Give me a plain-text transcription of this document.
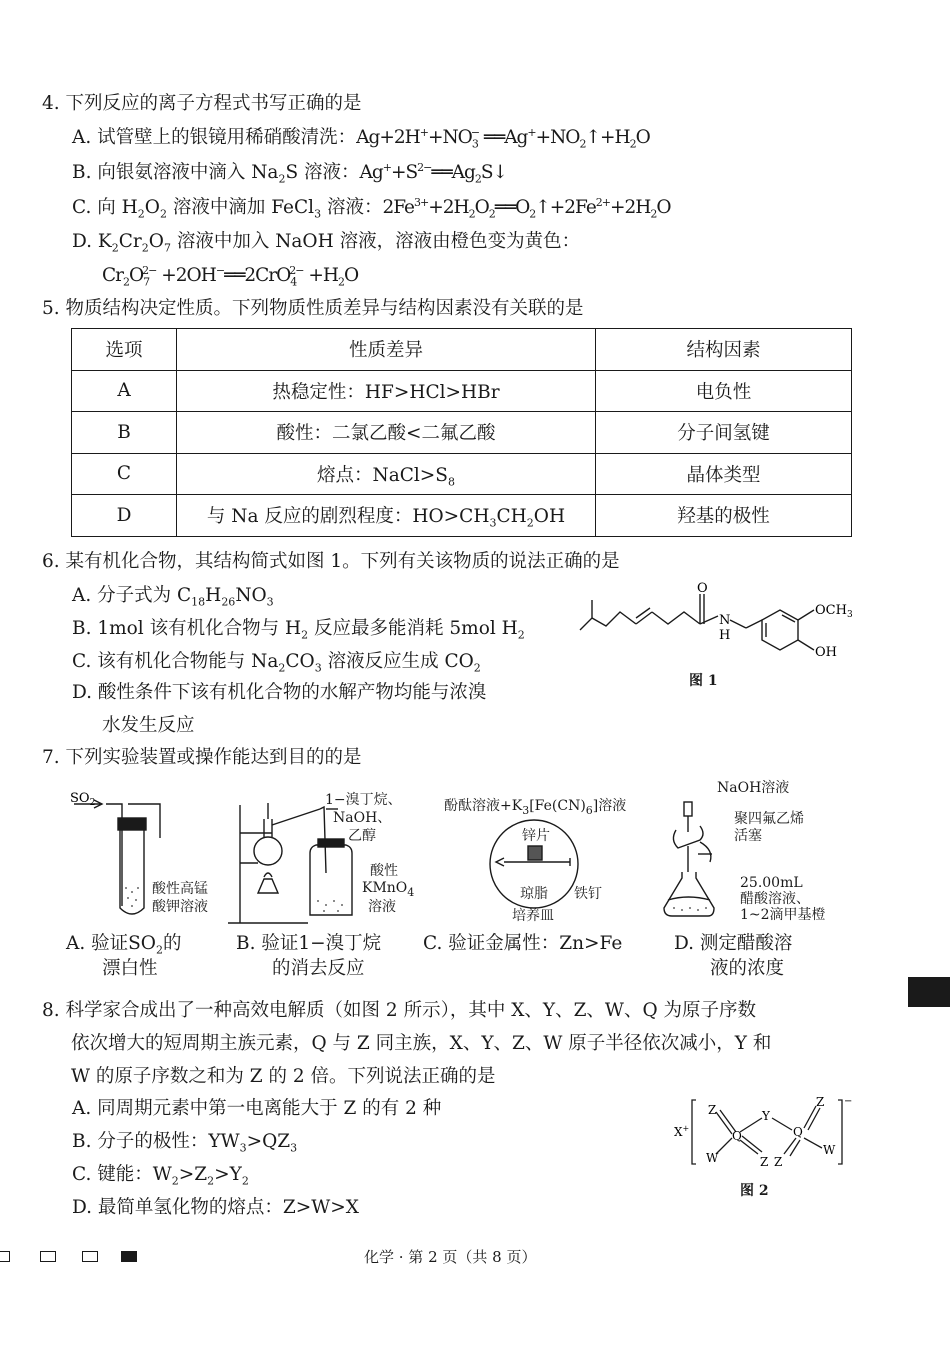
4. 下列反应的离子方程式书写正确的是
A. 试管壁上的银镜用稀硝酸清洗：$Ag+2H^++NO_3^-$ $══Ag^++NO_2↑+H_2O$
B. 向银氨溶液中滴入 $Na_2S$ 溶液：$Ag^++S^{2-}══Ag_2S↓$
C. 向 $H_2O_2$ 溶液中滴加 FeCl$_3$ 溶液：$2Fe^{3+}+2H_2O_2══O_2↑+2Fe^{2+}+2H_2O$
D. $K_2Cr_2O_7$ 溶液中加入 NaOH 溶液，溶液由橙色变为黄色：
$Cr_2O_7^{2-}$ +2OH−══2CrO$_4^{2-}$ $+H_2O$
5. 物质结构决定性质。下列物质性质差异与结构因素没有关联的是
选项	性质差异	结构因素
A	热稳定性：HF>HCl>HBr	电负性
B	酸性：二氯乙酸<二氟乙酸	分子间氢键
C	熔点：$NaCl>S_8$	晶体类型
D	与 Na 反应的剧烈程度：$HO>CH_3CH_2OH$	羟基的极性
6. 某有机化合物，其结构简式如图 1。下列有关该物质的说法正确的是
A. 分子式为 $C_{18}H_{26}NO_3$
B. 1mol 该有机化合物与 $H_2$ 反应最多能消耗 5mol $H_2$
C. 该有机化合物能与 $Na_2CO_3$ 溶液反应生成 $CO_2$
D. 酸性条件下该有机化合物的水解产物均能与浓溴
水发生反应
O
N
H
$OCH_3$
OH
图 1
7. 下列实验装置或操作能达到目的的是
$SO_2$
酸性高锰
酸钾溶液
1−溴丁烷、
NaOH、
乙醇
酸性
KMnO$_4$
溶液
酚酞溶液$+K_3[Fe(CN)_6]$溶液
锌片
琼脂 铁钉
培养皿
NaOH溶液
聚四氟乙烯
活塞
25.00mL
醋酸溶液、
1~2滴甲基橙
A. 验证$SO_2$的
漂白性
B. 验证1−溴丁烷
的消去反应
C. 验证金属性：Zn>Fe	D. 测定醋酸溶
液的浓度
8. 科学家合成出了一种高效电解质（如图 2 所示），其中 X、Y、Z、W、Q 为原子序数
依次增大的短周期主族元素，Q 与 Z 同主族，X、Y、Z、W 原子半径依次减小，Y 和
W 的原子序数之和为 Z 的 2 倍。下列说法正确的是
A. 同周期元素中第一电离能大于 Z 的有 2 种
B. 分子的极性：$YW_3>QZ_3$
C. 键能：$W_2>Z_2>Y_2$
D. 最简单氢化物的熔点：Z>W>X
X+
Z
Q
Y
Q
Z
W	Z Z
W
−
图 2
化学 · 第 2 页（共 8 页）
